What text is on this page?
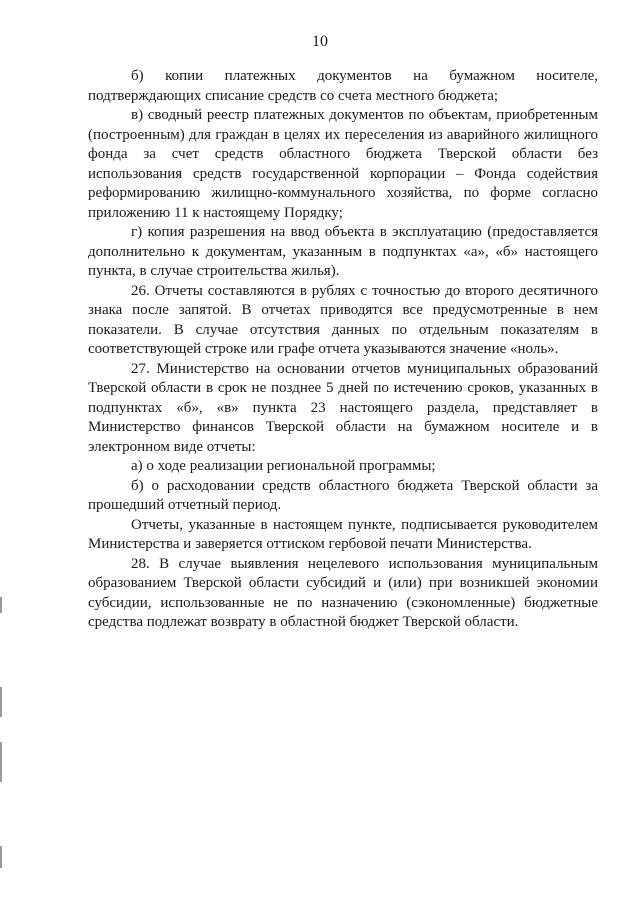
10

б) копии платежных документов на бумажном носителе, подтверждающих списание средств со счета местного бюджета;

в) сводный реестр платежных документов по объектам, приобретенным (построенным) для граждан в целях их переселения из аварийного жилищного фонда за счет средств областного бюджета Тверской области без использования средств государственной корпорации – Фонда содействия реформированию жилищно-коммунального хозяйства, по форме согласно приложению 11 к настоящему Порядку;

г) копия разрешения на ввод объекта в эксплуатацию (предоставляется дополнительно к документам, указанным в подпунктах «а», «б» настоящего пункта, в случае строительства жилья).

26. Отчеты составляются в рублях с точностью до второго десятичного знака после запятой. В отчетах приводятся все предусмотренные в нем показатели. В случае отсутствия данных по отдельным показателям в соответствующей строке или графе отчета указываются значение «ноль».

27. Министерство на основании отчетов муниципальных образований Тверской области в срок не позднее 5 дней по истечению сроков, указанных в подпунктах «б», «в» пункта 23 настоящего раздела, представляет в Министерство финансов Тверской области на бумажном носителе и в электронном виде отчеты:

а) о ходе реализации региональной программы;

б) о расходовании средств областного бюджета Тверской области за прошедший отчетный период.

Отчеты, указанные в настоящем пункте, подписывается руководителем Министерства и заверяется оттиском гербовой печати Министерства.

28. В случае выявления нецелевого использования муниципальным образованием Тверской области субсидий и (или) при возникшей экономии субсидии, использованные не по назначению (сэкономленные) бюджетные средства подлежат возврату в областной бюджет Тверской области.
